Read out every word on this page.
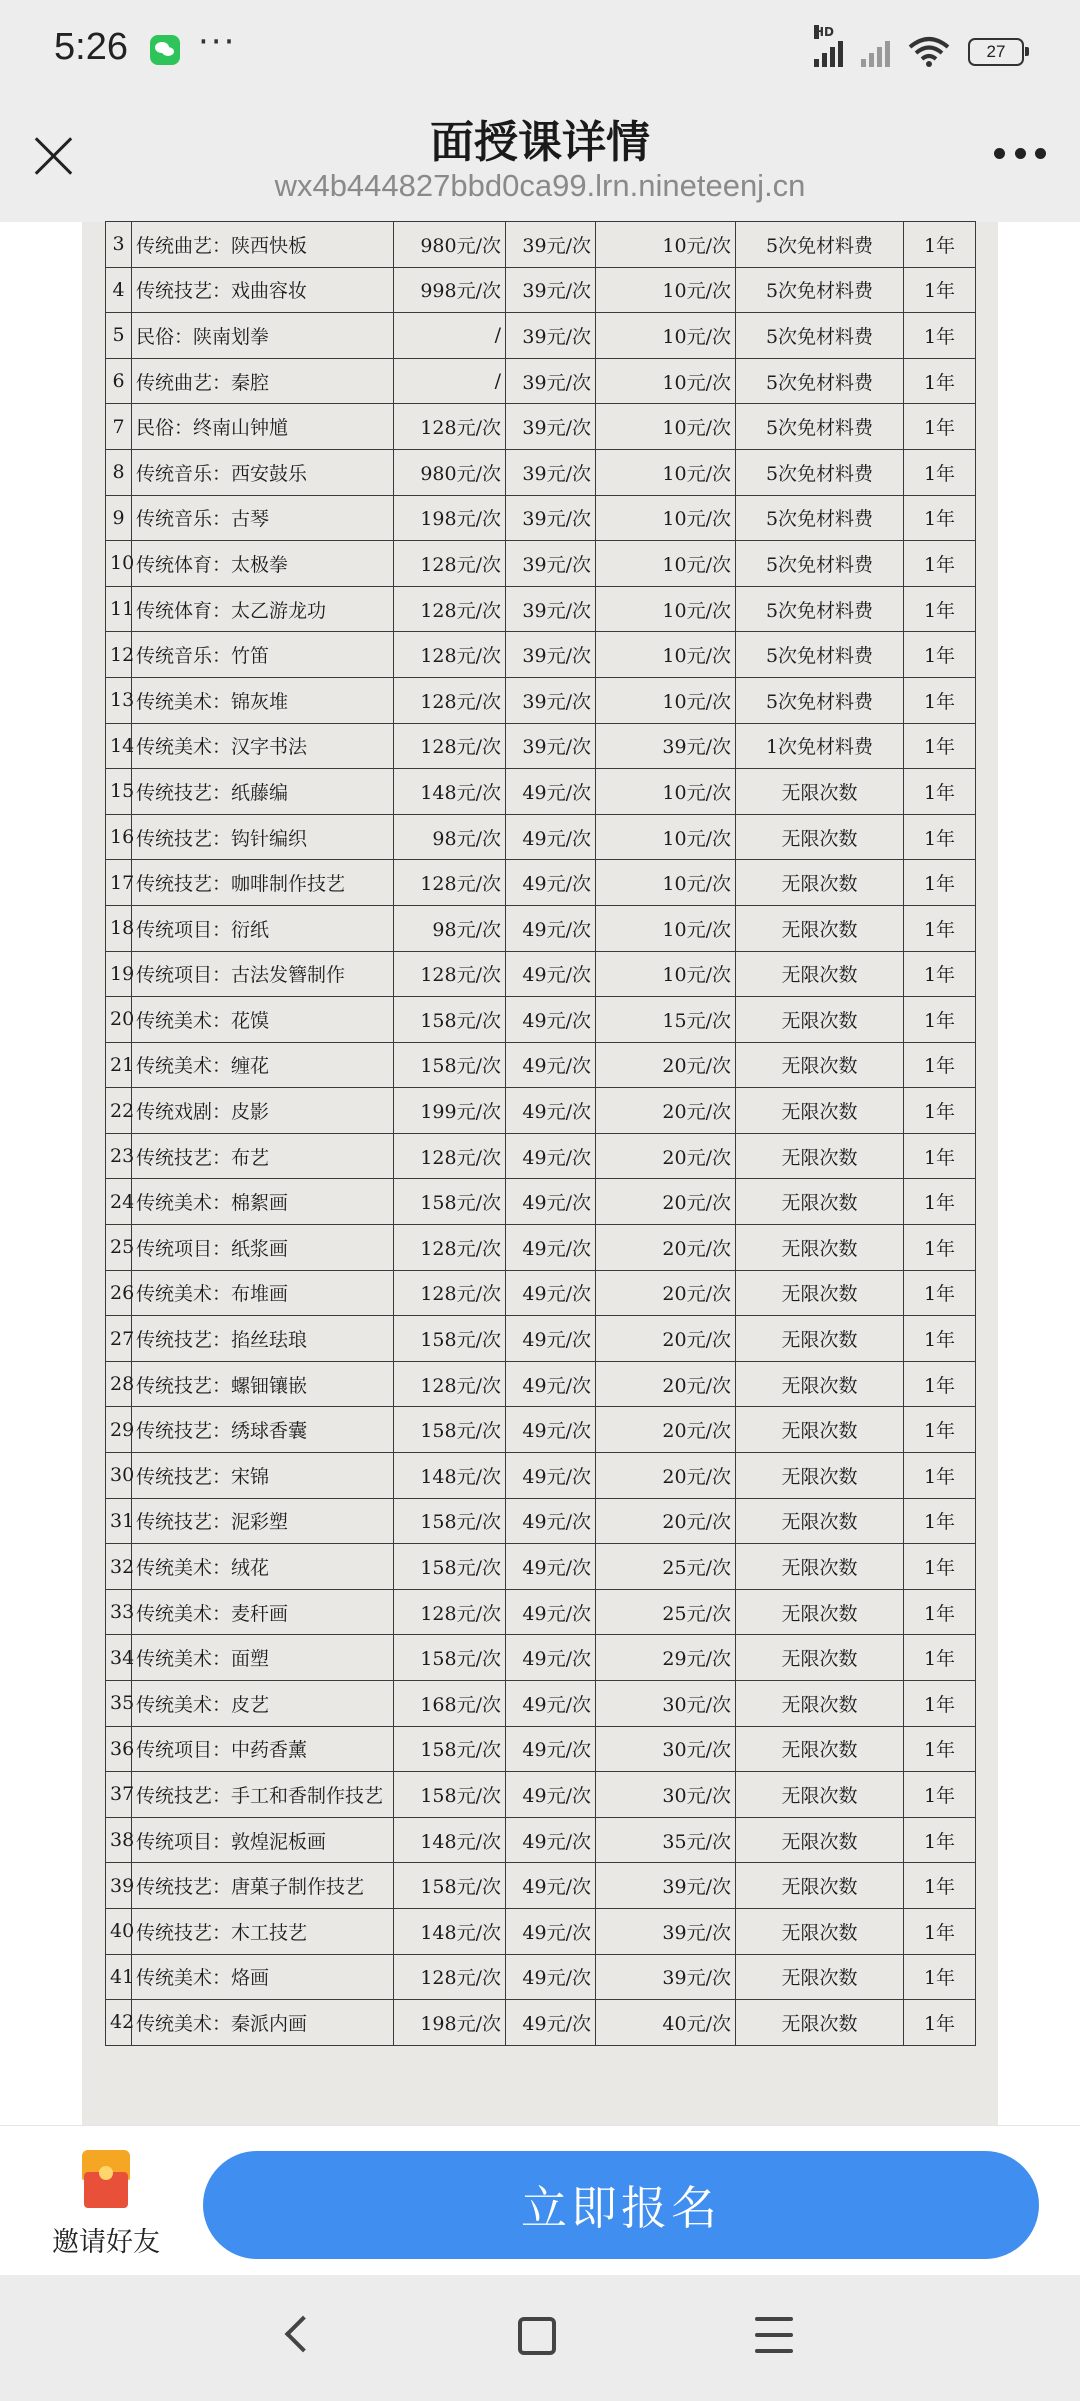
5:26 ···	HD
27
面授课详情
wx4b444827bbd0ca99.lrn.nineteenj.cn
3	传统曲艺：陕西快板	980元/次	39元/次	10元/次	5次免材料费	1年
4	传统技艺：戏曲容妆	998元/次	39元/次	10元/次	5次免材料费	1年
5	民俗：陕南划拳	/	39元/次	10元/次	5次免材料费	1年
6	传统曲艺：秦腔	/	39元/次	10元/次	5次免材料费	1年
7	民俗：终南山钟馗	128元/次	39元/次	10元/次	5次免材料费	1年
8	传统音乐：西安鼓乐	980元/次	39元/次	10元/次	5次免材料费	1年
9	传统音乐：古琴	198元/次	39元/次	10元/次	5次免材料费	1年
10	传统体育：太极拳	128元/次	39元/次	10元/次	5次免材料费	1年
11	传统体育：太乙游龙功	128元/次	39元/次	10元/次	5次免材料费	1年
12	传统音乐：竹笛	128元/次	39元/次	10元/次	5次免材料费	1年
13	传统美术：锦灰堆	128元/次	39元/次	10元/次	5次免材料费	1年
14	传统美术：汉字书法	128元/次	39元/次	39元/次	1次免材料费	1年
15	传统技艺：纸藤编	148元/次	49元/次	10元/次	无限次数	1年
16	传统技艺：钩针编织	98元/次	49元/次	10元/次	无限次数	1年
17	传统技艺：咖啡制作技艺	128元/次	49元/次	10元/次	无限次数	1年
18	传统项目：衍纸	98元/次	49元/次	10元/次	无限次数	1年
19	传统项目：古法发簪制作	128元/次	49元/次	10元/次	无限次数	1年
20	传统美术：花馍	158元/次	49元/次	15元/次	无限次数	1年
21	传统美术：缠花	158元/次	49元/次	20元/次	无限次数	1年
22	传统戏剧：皮影	199元/次	49元/次	20元/次	无限次数	1年
23	传统技艺：布艺	128元/次	49元/次	20元/次	无限次数	1年
24	传统美术：棉絮画	158元/次	49元/次	20元/次	无限次数	1年
25	传统项目：纸浆画	128元/次	49元/次	20元/次	无限次数	1年
26	传统美术：布堆画	128元/次	49元/次	20元/次	无限次数	1年
27	传统技艺：掐丝珐琅	158元/次	49元/次	20元/次	无限次数	1年
28	传统技艺：螺钿镶嵌	128元/次	49元/次	20元/次	无限次数	1年
29	传统技艺：绣球香囊	158元/次	49元/次	20元/次	无限次数	1年
30	传统技艺：宋锦	148元/次	49元/次	20元/次	无限次数	1年
31	传统技艺：泥彩塑	158元/次	49元/次	20元/次	无限次数	1年
32	传统美术：绒花	158元/次	49元/次	25元/次	无限次数	1年
33	传统美术：麦秆画	128元/次	49元/次	25元/次	无限次数	1年
34	传统美术：面塑	158元/次	49元/次	29元/次	无限次数	1年
35	传统美术：皮艺	168元/次	49元/次	30元/次	无限次数	1年
36	传统项目：中药香薰	158元/次	49元/次	30元/次	无限次数	1年
37	传统技艺：手工和香制作技艺	158元/次	49元/次	30元/次	无限次数	1年
38	传统项目：敦煌泥板画	148元/次	49元/次	35元/次	无限次数	1年
39	传统技艺：唐菓子制作技艺	158元/次	49元/次	39元/次	无限次数	1年
40	传统技艺：木工技艺	148元/次	49元/次	39元/次	无限次数	1年
41	传统美术：烙画	128元/次	49元/次	39元/次	无限次数	1年
42	传统美术：秦派内画	198元/次	49元/次	40元/次	无限次数	1年
邀请好友
立即报名
